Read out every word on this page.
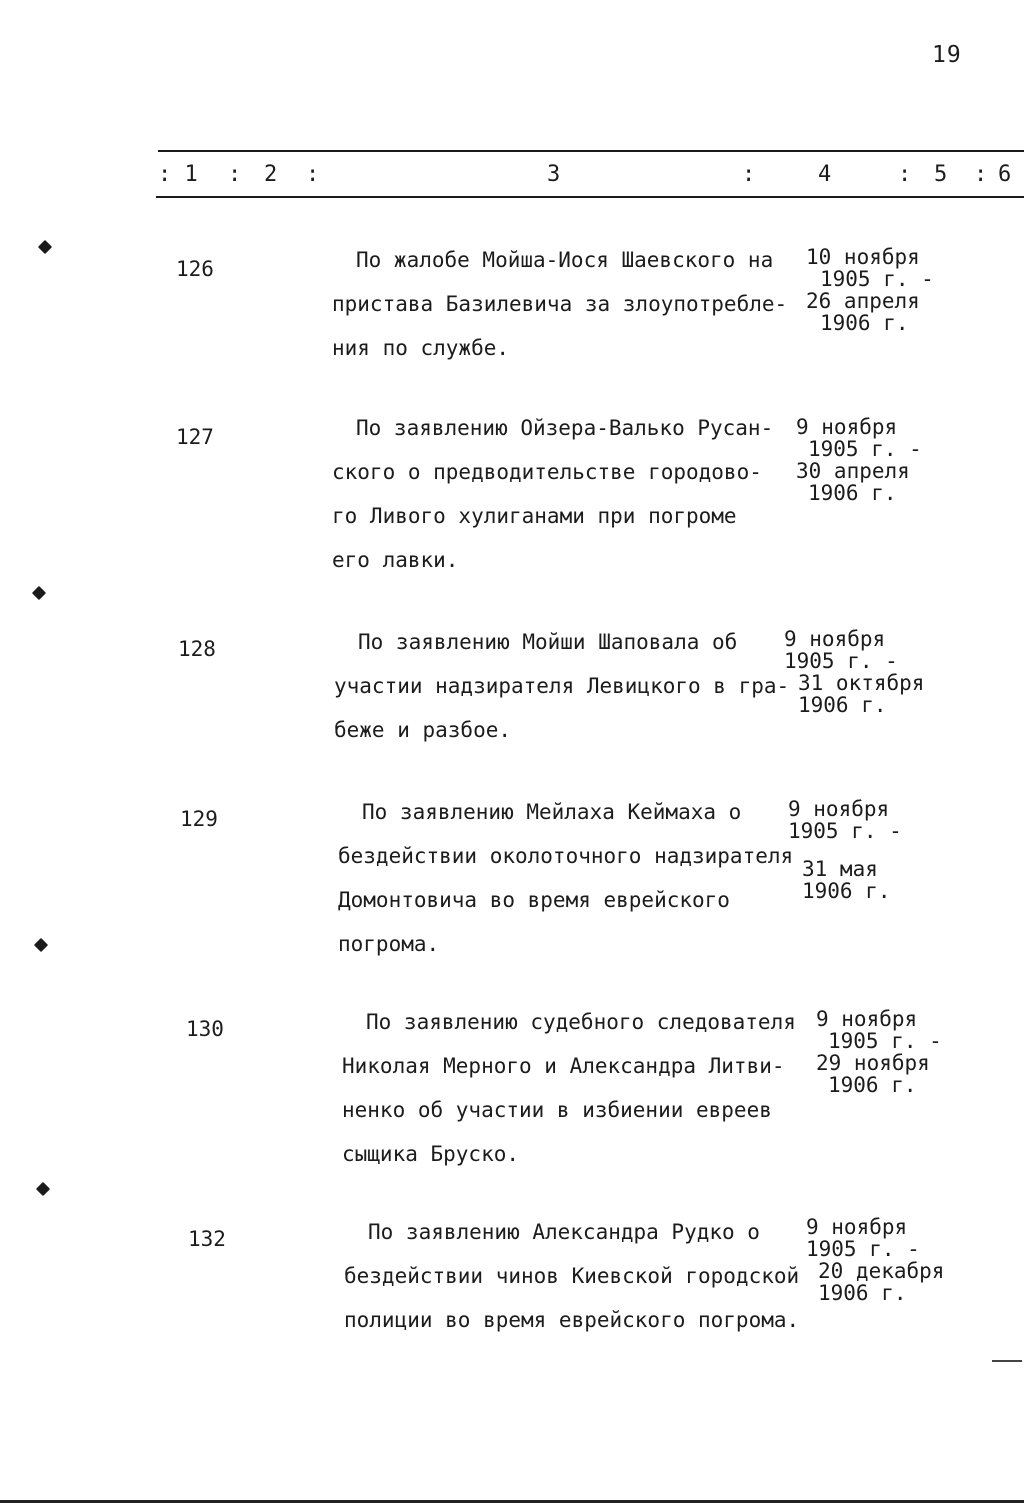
19
: 1 : 2 :	3	:	4	: 5 : 6
126	По жалобе Мойша-Иося Шаевского на
пристава Базилевича за злоупотребле-
ния по службе.
10 ноября
1905 г. -
26 апреля
1906 г.
127	По заявлению Ойзера-Валько Русан-
ского о предводительстве городово-
го Ливого хулиганами при погроме
его лавки.
9 ноября
1905 г. -
30 апреля
1906 г.
128	По заявлению Мойши Шаповала об
участии надзирателя Левицкого в гра-
беже и разбое.
9 ноября
1905 г. -
31 октября
1906 г.
129	По заявлению Мейлаха Кеймаха о
бездействии околоточного надзирателя
Домонтовича во время еврейского
погрома.
9 ноября
1905 г. -
31 мая
1906 г.
130	По заявлению судебного следователя
Николая Мерного и Александра Литви-
ненко об участии в избиении евреев
сыщика Бруско.
9 ноября
1905 г. -
29 ноября
1906 г.
132	По заявлению Александра Рудко о
бездействии чинов Киевской городской
полиции во время еврейского погрома.
9 ноября
1905 г. -
20 декабря
1906 г.
